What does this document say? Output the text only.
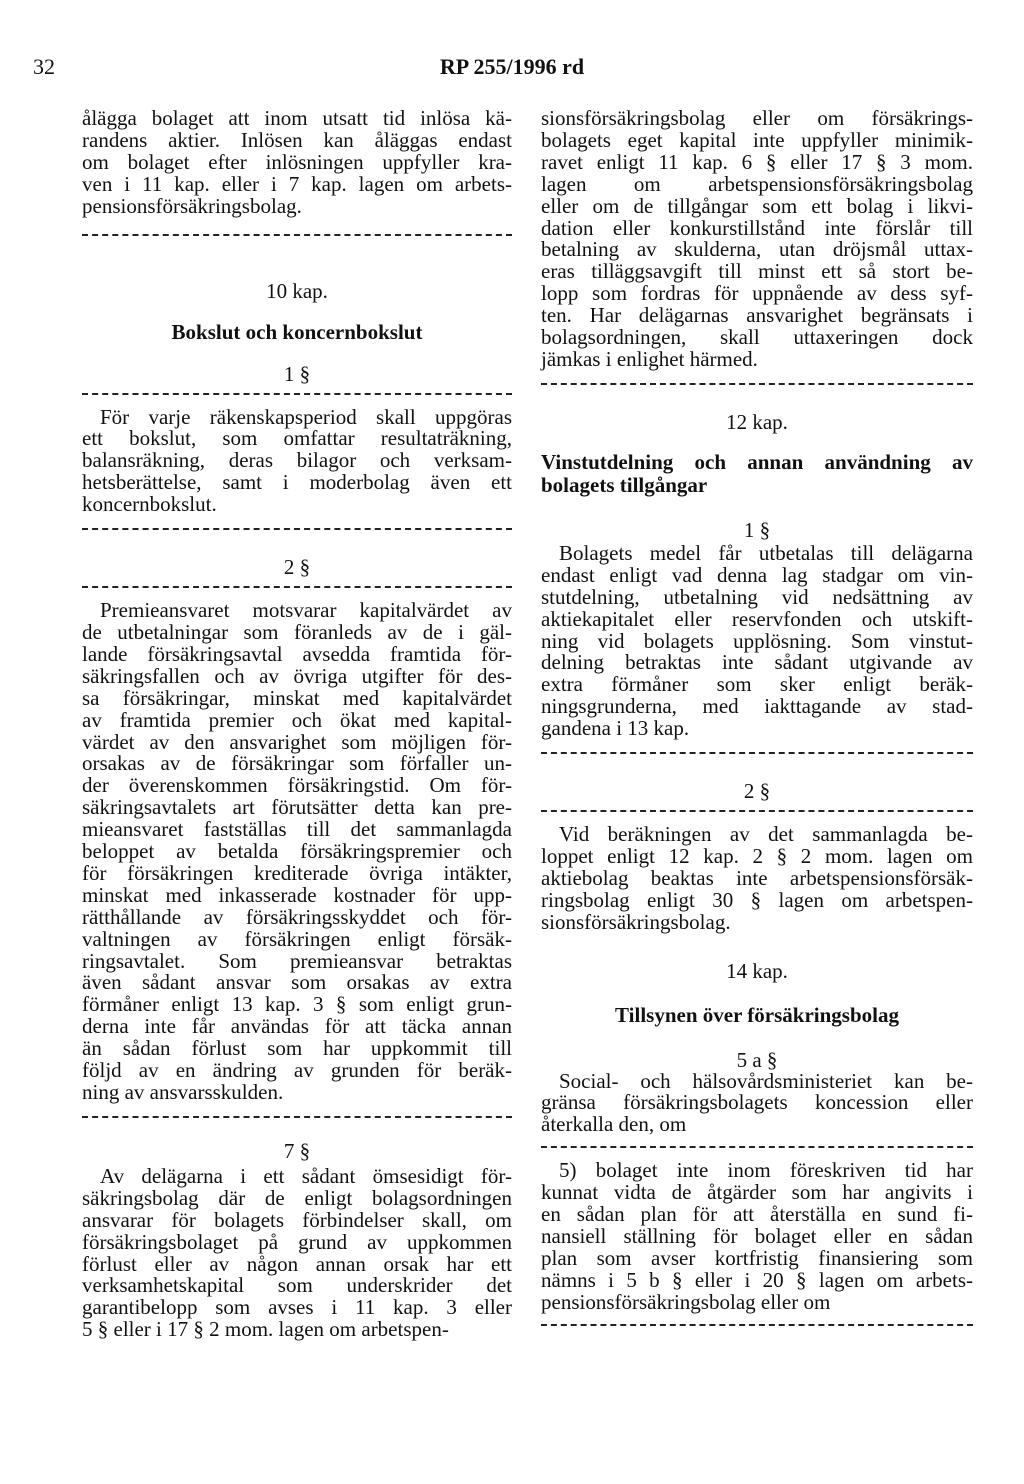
32	RP 255/1996 rd

ålägga bolaget att inom utsatt tid inlösa kä-
randens aktier. Inlösen kan åläggas endast
om bolaget efter inlösningen uppfyller kra-
ven i 11 kap. eller i 7 kap. lagen om arbets-
pensionsförsäkringsbolag.

10 kap.

Bokslut och koncernbokslut

1 §

För varje räkenskapsperiod skall uppgöras
ett bokslut, som omfattar resultaträkning,
balansräkning, deras bilagor och verksam-
hetsberättelse, samt i moderbolag även ett
koncernbokslut.

2 §

Premieansvaret motsvarar kapitalvärdet av
de utbetalningar som föranleds av de i gäl-
lande försäkringsavtal avsedda framtida för-
säkringsfallen och av övriga utgifter för des-
sa försäkringar, minskat med kapitalvärdet
av framtida premier och ökat med kapital-
värdet av den ansvarighet som möjligen för-
orsakas av de försäkringar som förfaller un-
der överenskommen försäkringstid. Om för-
säkringsavtalets art förutsätter detta kan pre-
mieansvaret fastställas till det sammanlagda
beloppet av betalda försäkringspremier och
för försäkringen krediterade övriga intäkter,
minskat med inkasserade kostnader för upp-
rätthållande av försäkringsskyddet och för-
valtningen av försäkringen enligt försäk-
ringsavtalet. Som premieansvar betraktas
även sådant ansvar som orsakas av extra
förmåner enligt 13 kap. 3 § som enligt grun-
derna inte får användas för att täcka annan
än sådan förlust som har uppkommit till
följd av en ändring av grunden för beräk-
ning av ansvarsskulden.

7 §

Av delägarna i ett sådant ömsesidigt för-
säkringsbolag där de enligt bolagsordningen
ansvarar för bolagets förbindelser skall, om
försäkringsbolaget på grund av uppkommen
förlust eller av någon annan orsak har ett
verksamhetskapital som underskrider det
garantibelopp som avses i 11 kap. 3 eller
5 § eller i 17 § 2 mom. lagen om arbetspen-

sionsförsäkringsbolag eller om försäkrings-
bolagets eget kapital inte uppfyller minimik-
ravet enligt 11 kap. 6 § eller 17 § 3 mom.
lagen om arbetspensionsförsäkringsbolag
eller om de tillgångar som ett bolag i likvi-
dation eller konkurstillstånd inte förslår till
betalning av skulderna, utan dröjsmål uttax-
eras tilläggsavgift till minst ett så stort be-
lopp som fordras för uppnående av dess syf-
ten. Har delägarnas ansvarighet begränsats i
bolagsordningen, skall uttaxeringen dock
jämkas i enlighet härmed.

12 kap.

Vinstutdelning och annan användning av
bolagets tillgångar

1 §

Bolagets medel får utbetalas till delägarna
endast enligt vad denna lag stadgar om vin-
stutdelning, utbetalning vid nedsättning av
aktiekapitalet eller reservfonden och utskift-
ning vid bolagets upplösning. Som vinstut-
delning betraktas inte sådant utgivande av
extra förmåner som sker enligt beräk-
ningsgrunderna, med iakttagande av stad-
gandena i 13 kap.

2 §

Vid beräkningen av det sammanlagda be-
loppet enligt 12 kap. 2 § 2 mom. lagen om
aktiebolag beaktas inte arbetspensionsförsäk-
ringsbolag enligt 30 § lagen om arbetspen-
sionsförsäkringsbolag.

14 kap.

Tillsynen över försäkringsbolag

5 a §

Social- och hälsovårdsministeriet kan be-
gränsa försäkringsbolagets koncession eller
återkalla den, om

5) bolaget inte inom föreskriven tid har
kunnat vidta de åtgärder som har angivits i
en sådan plan för att återställa en sund fi-
nansiell ställning för bolaget eller en sådan
plan som avser kortfristig finansiering som
nämns i 5 b § eller i 20 § lagen om arbets-
pensionsförsäkringsbolag eller om
